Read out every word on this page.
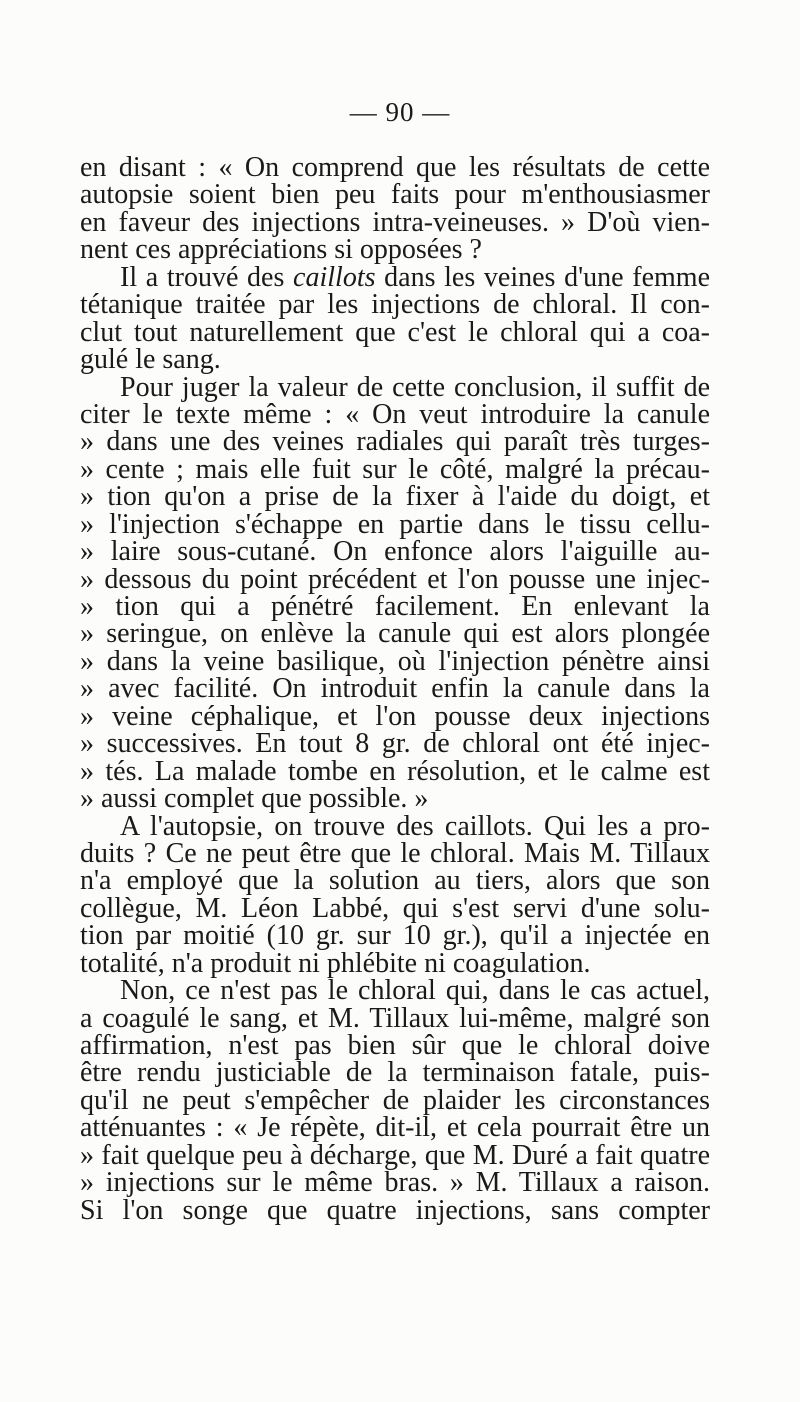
— 90 —
en disant : « On comprend que les résultats de cette
autopsie soient bien peu faits pour m'enthousiasmer
en faveur des injections intra-veineuses. » D'où vien-
nent ces appréciations si opposées ?
Il a trouvé des caillots dans les veines d'une femme
tétanique traitée par les injections de chloral. Il con-
clut tout naturellement que c'est le chloral qui a coa-
gulé le sang.
Pour juger la valeur de cette conclusion, il suffit de
citer le texte même : « On veut introduire la canule
» dans une des veines radiales qui paraît très turges-
» cente ; mais elle fuit sur le côté, malgré la précau-
» tion qu'on a prise de la fixer à l'aide du doigt, et
» l'injection s'échappe en partie dans le tissu cellu-
» laire sous-cutané. On enfonce alors l'aiguille au-
» dessous du point précédent et l'on pousse une injec-
» tion qui a pénétré facilement. En enlevant la
» seringue, on enlève la canule qui est alors plongée
» dans la veine basilique, où l'injection pénètre ainsi
» avec facilité. On introduit enfin la canule dans la
» veine céphalique, et l'on pousse deux injections
» successives. En tout 8 gr. de chloral ont été injec-
» tés. La malade tombe en résolution, et le calme est
» aussi complet que possible. »
A l'autopsie, on trouve des caillots. Qui les a pro-
duits ? Ce ne peut être que le chloral. Mais M. Tillaux
n'a employé que la solution au tiers, alors que son
collègue, M. Léon Labbé, qui s'est servi d'une solu-
tion par moitié (10 gr. sur 10 gr.), qu'il a injectée en
totalité, n'a produit ni phlébite ni coagulation.
Non, ce n'est pas le chloral qui, dans le cas actuel,
a coagulé le sang, et M. Tillaux lui-même, malgré son
affirmation, n'est pas bien sûr que le chloral doive
être rendu justiciable de la terminaison fatale, puis-
qu'il ne peut s'empêcher de plaider les circonstances
atténuantes : « Je répète, dit-il, et cela pourrait être un
» fait quelque peu à décharge, que M. Duré a fait quatre
» injections sur le même bras. » M. Tillaux a raison.
Si l'on songe que quatre injections, sans compter
